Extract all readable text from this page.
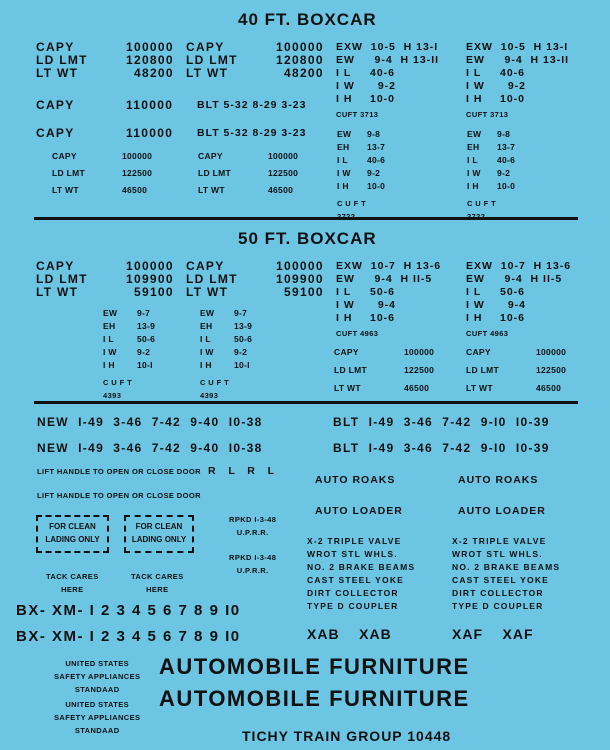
40 FT. BOXCAR
CAPY	100000
LD LMT	120800
LT WT	48200
CAPY	100000
LD LMT	120800
LT WT	48200
CAPY	110000
CAPY	110000
BLT 5-32 8-29 3-23
BLT 5-32 8-29 3-23
CAPY	100000
LD LMT	122500
LT WT	46500
CAPY	100000
LD LMT	122500
LT WT	46500
EXW 10-5 H 13-I
EW 9-4 H 13-II
I L 40-6
I W 9-2
I H 10-0
CUFT 3713
EXW 10-5 H 13-I
EW 9-4 H 13-II
I L 40-6
I W 9-2
I H 10-0
CUFT 3713
EW 9-8
EH 13-7
I L 40-6
I W 9-2
I H 10-0
C U F T
EW 9-8
EH 13-7
I L 40-6
I W 9-2
I H 10-0
C U F T
50 FT. BOXCAR
CAPY	100000
LD LMT	109900
LT WT	59100
CAPY	100000
LD LMT	109900
LT WT	59100
EW 9-7
EH	13-9
I L	50-6
I W 9-2
I H	10-I
C U F T
4393
EW 9-7
EH	13-9
I L	50-6
I W 9-2
I H	10-I
C U F T
4393
EXW 10-7 H 13-6
EW 9-4 H II-5
I L 50-6
I W 9-4
I H 10-6
CUFT 4963
EXW 10-7 H 13-6
EW 9-4 H II-5
I L 50-6
I W 9-4
I H 10-6
CUFT 4963
CAPY	100000
LD LMT	122500
LT WT	46500
CAPY	100000
LD LMT	122500
LT WT	46500
NEW  I-49  3-46  7-42  9-40  I0-38
NEW  I-49  3-46  7-42  9-40  I0-38
BLT  I-49  3-46  7-42  9-I0  I0-39
BLT  I-49  3-46  7-42  9-I0  I0-39
LIFT HANDLE TO OPEN OR CLOSE DOOR R   L   R   L
LIFT HANDLE TO OPEN OR CLOSE DOOR
AUTO ROAKS	AUTO ROAKS
AUTO LOADER	AUTO LOADER
FOR CLEAN
LADING ONLY
FOR CLEAN
LADING ONLY
RPKD I-3-48
U.P.R.R.
RPKD I-3-48
U.P.R.R.
TACK CARES
HERE
TACK CARES
HERE
X-2 TRIPLE VALVE
WROT STL WHLS.
NO. 2 BRAKE BEAMS
CAST STEEL YOKE
DIRT COLLECTOR
TYPE D COUPLER
X-2 TRIPLE VALVE
WROT STL WHLS.
NO. 2 BRAKE BEAMS
CAST STEEL YOKE
DIRT COLLECTOR
TYPE D COUPLER
BX- XM- I 2 3 4 5 6 7 8 9 I0
BX- XM- I 2 3 4 5 6 7 8 9 I0	XAB    XAB	XAF    XAF
UNITED STATES
SAFETY APPLIANCES
STANDAAD
UNITED STATES
SAFETY APPLIANCES
STANDAAD
AUTOMOBILE FURNITURE
AUTOMOBILE FURNITURE
TICHY TRAIN GROUP 10448
